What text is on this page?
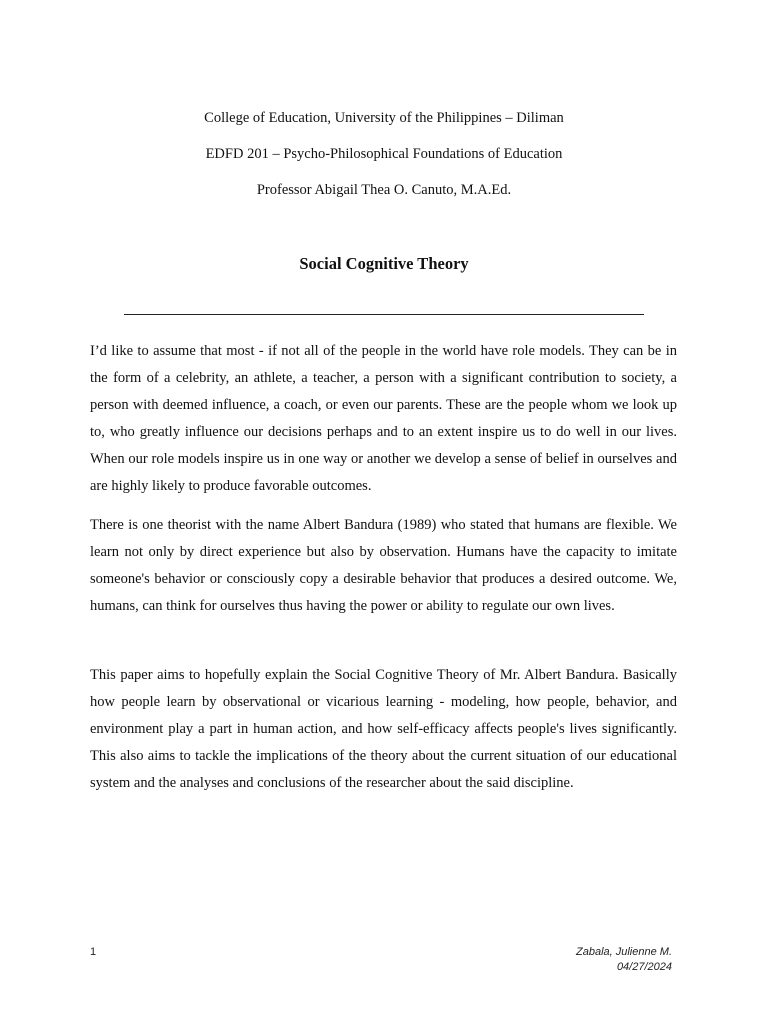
College of Education, University of the Philippines – Diliman
EDFD 201 – Psycho-Philosophical Foundations of Education
Professor Abigail Thea O. Canuto, M.A.Ed.
Social Cognitive Theory

I’d like to assume that most - if not all of the people in the world have role models. They can be in the form of a celebrity, an athlete, a teacher, a person with a significant contribution to society, a person with deemed influence, a coach, or even our parents. These are the people whom we look up to, who greatly influence our decisions perhaps and to an extent inspire us to do well in our lives. When our role models inspire us in one way or another we develop a sense of belief in ourselves and are highly likely to produce favorable outcomes.

There is one theorist with the name Albert Bandura (1989) who stated that humans are flexible. We learn not only by direct experience but also by observation. Humans have the capacity to imitate someone's behavior or consciously copy a desirable behavior that produces a desired outcome. We, humans, can think for ourselves thus having the power or ability to regulate our own lives.

This paper aims to hopefully explain the Social Cognitive Theory of Mr. Albert Bandura. Basically how people learn by observational or vicarious learning - modeling, how people, behavior, and environment play a part in human action, and how self-efficacy affects people's lives significantly. This also aims to tackle the implications of the theory about the current situation of our educational system and the analyses and conclusions of the researcher about the said discipline.

1	Zabala, Julienne M.
04/27/2024
